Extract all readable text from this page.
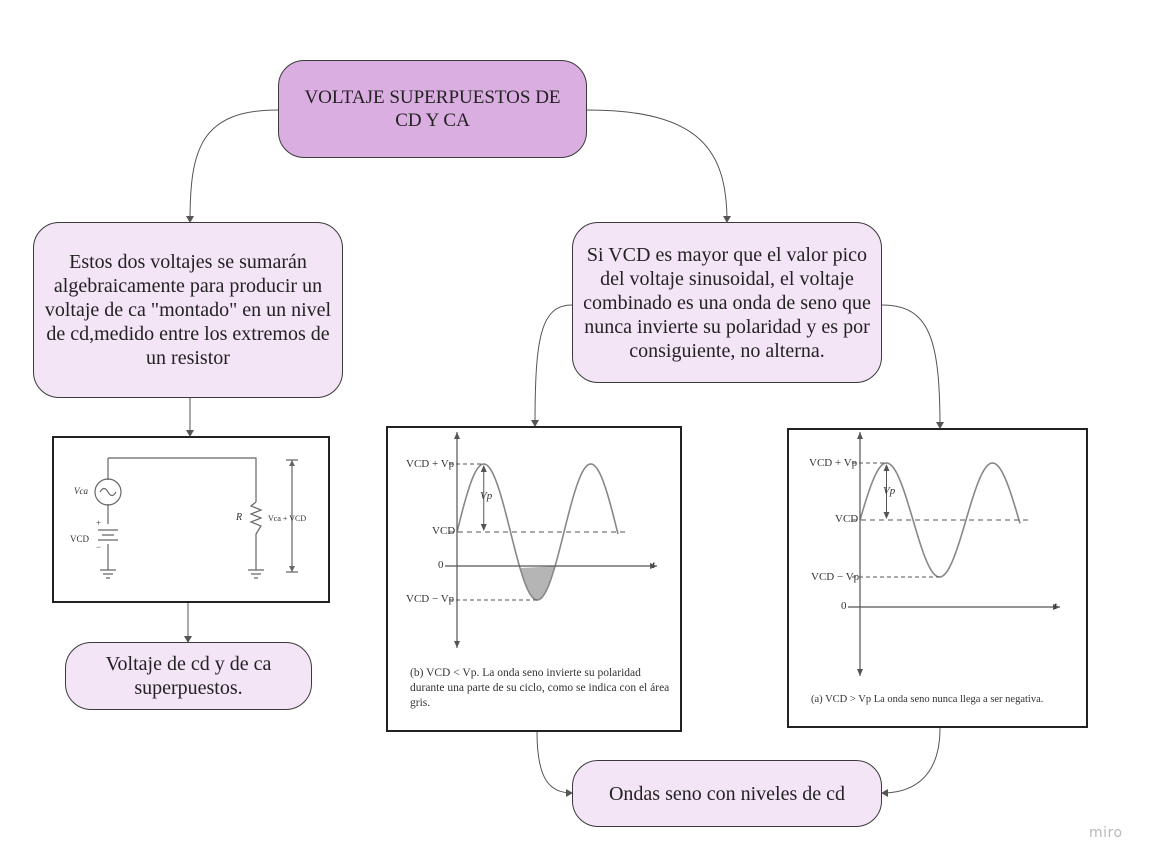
VOLTAJE SUPERPUESTOS DE CD Y CA
Estos dos voltajes se sumarán algebraicamente para producir un voltaje de ca "montado" en un nivel de cd,medido entre los extremos de un resistor
Si VCD es mayor que el valor pico del voltaje sinusoidal, el voltaje combinado es una onda de seno que nunca invierte su polaridad y es por consiguiente, no alterna.
Voltaje de cd y de ca superpuestos.
Ondas seno con niveles de cd
Vca
+
VCD
−
R	Vca + VCD
VCD + Vp
Vp
VCD
0
VCD − Vp
t
(b) VCD < Vp. La onda seno invierte su polaridad durante una parte de su ciclo, como se indica con el área gris.
VCD + Vp
Vp
VCD
VCD − Vp
0	t
(a) VCD > Vp La onda seno nunca llega a ser negativa.
miro
